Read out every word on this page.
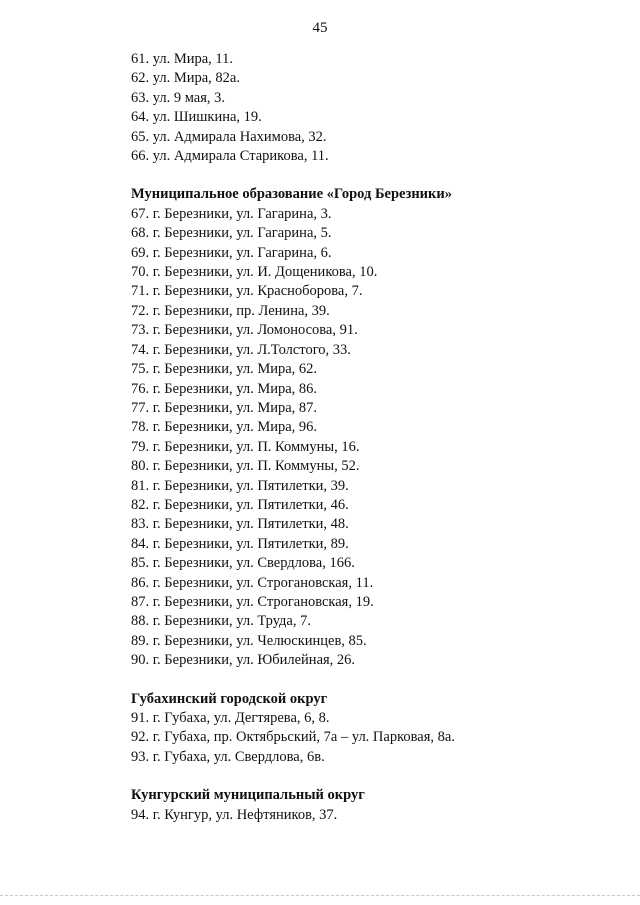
45
61. ул. Мира, 11.
62. ул. Мира, 82а.
63. ул. 9 мая, 3.
64. ул. Шишкина, 19.
65. ул. Адмирала Нахимова, 32.
66. ул. Адмирала Старикова, 11.
Муниципальное образование «Город Березники»
67. г. Березники, ул. Гагарина, 3.
68. г. Березники, ул. Гагарина, 5.
69. г. Березники, ул. Гагарина, 6.
70. г. Березники, ул. И. Дощеникова, 10.
71. г. Березники, ул. Красноборова, 7.
72. г. Березники, пр. Ленина, 39.
73. г. Березники, ул. Ломоносова, 91.
74. г. Березники, ул. Л.Толстого, 33.
75. г. Березники, ул. Мира, 62.
76. г. Березники, ул. Мира, 86.
77. г. Березники, ул. Мира, 87.
78. г. Березники, ул. Мира, 96.
79. г. Березники, ул. П. Коммуны, 16.
80. г. Березники, ул. П. Коммуны, 52.
81. г. Березники, ул. Пятилетки, 39.
82. г. Березники, ул. Пятилетки, 46.
83. г. Березники, ул. Пятилетки, 48.
84. г. Березники, ул. Пятилетки, 89.
85. г. Березники, ул. Свердлова, 166.
86. г. Березники, ул. Строгановская, 11.
87. г. Березники, ул. Строгановская, 19.
88. г. Березники, ул. Труда, 7.
89. г. Березники, ул. Челюскинцев, 85.
90. г. Березники, ул. Юбилейная, 26.
Губахинский городской округ
91. г. Губаха, ул. Дегтярева, 6, 8.
92. г. Губаха, пр. Октябрьский, 7а – ул. Парковая, 8а.
93. г. Губаха, ул. Свердлова, 6в.
Кунгурский муниципальный округ
94. г. Кунгур, ул. Нефтяников, 37.
